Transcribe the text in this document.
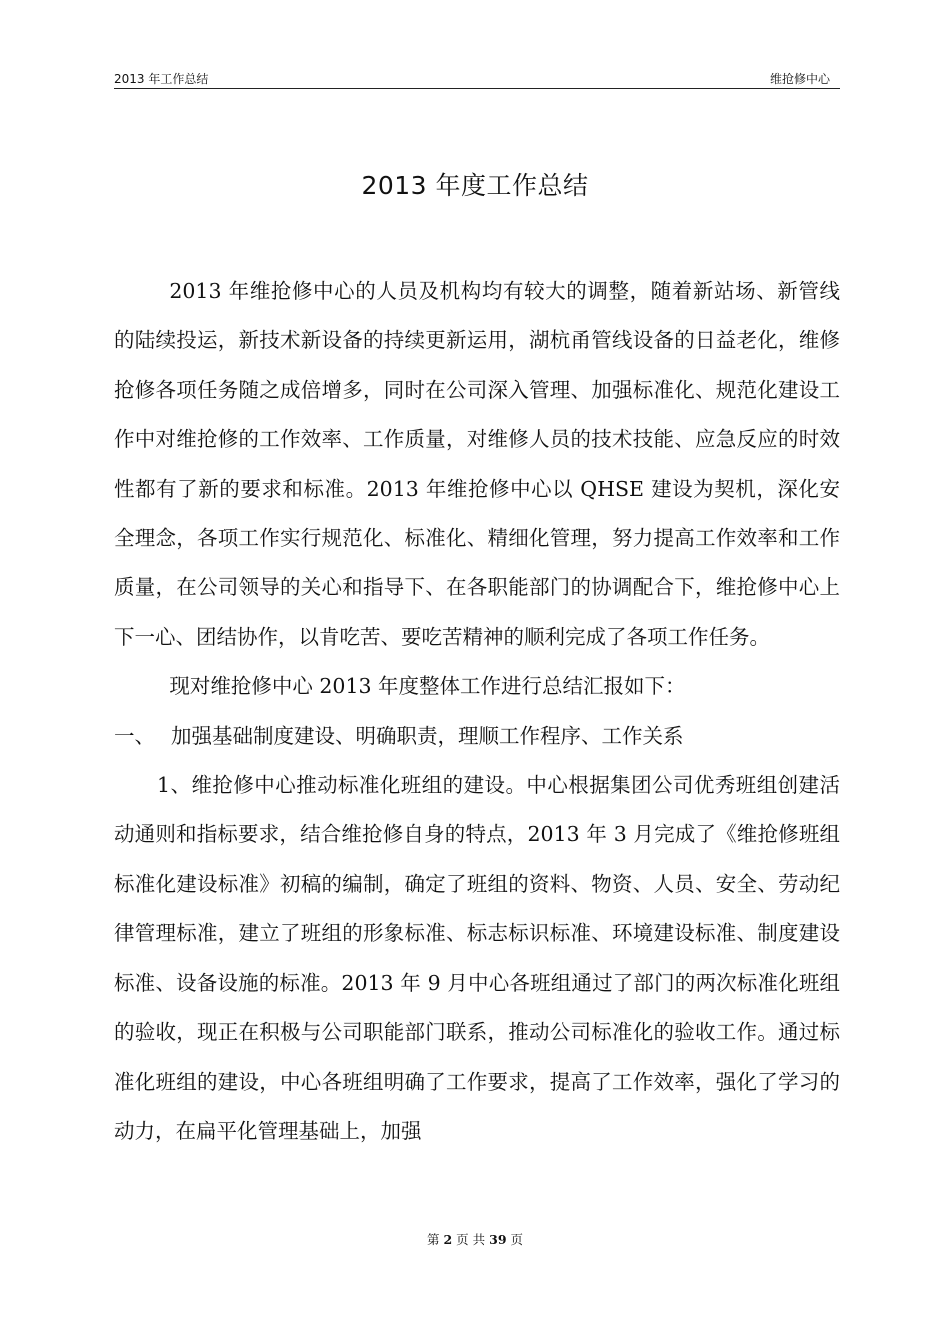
2013 年工作总结	维抢修中心
2013 年度工作总结

2013 年维抢修中心的人员及机构均有较大的调整，随着新站场、新管线的陆续投运，新技术新设备的持续更新运用，湖杭甬管线设备的日益老化，维修抢修各项任务随之成倍增多，同时在公司深入管理、加强标准化、规范化建设工作中对维抢修的工作效率、工作质量，对维修人员的技术技能、应急反应的时效性都有了新的要求和标准。2013 年维抢修中心以 QHSE 建设为契机，深化安全理念，各项工作实行规范化、标准化、精细化管理，努力提高工作效率和工作质量，在公司领导的关心和指导下、在各职能部门的协调配合下，维抢修中心上下一心、团结协作，以肯吃苦、要吃苦精神的顺利完成了各项工作任务。

现对维抢修中心 2013 年度整体工作进行总结汇报如下：

一、 加强基础制度建设、明确职责，理顺工作程序、工作关系

1、维抢修中心推动标准化班组的建设。中心根据集团公司优秀班组创建活动通则和指标要求，结合维抢修自身的特点，2013 年 3 月完成了《维抢修班组标准化建设标准》初稿的编制，确定了班组的资料、物资、人员、安全、劳动纪律管理标准，建立了班组的形象标准、标志标识标准、环境建设标准、制度建设标准、设备设施的标准。2013 年 9 月中心各班组通过了部门的两次标准化班组的验收，现正在积极与公司职能部门联系，推动公司标准化的验收工作。通过标准化班组的建设，中心各班组明确了工作要求，提高了工作效率，强化了学习的动力，在扁平化管理基础上，加强

第 2 页 共 39 页
